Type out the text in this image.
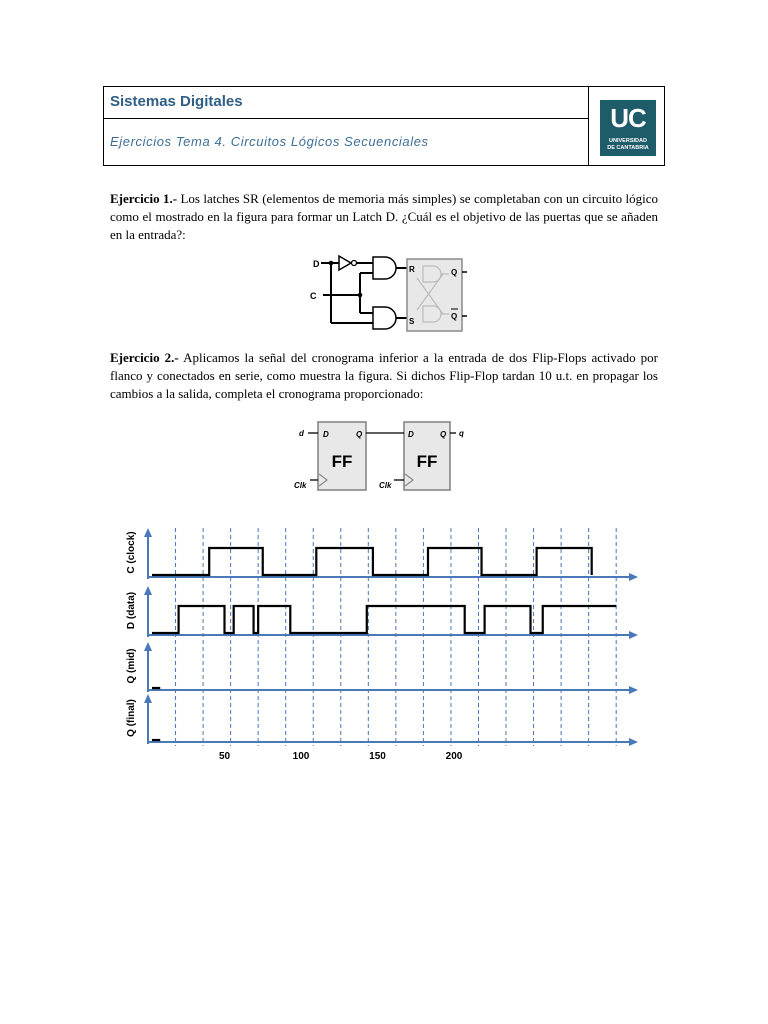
Sistemas Digitales
Ejercicios Tema 4. Circuitos Lógicos Secuenciales
UC
UNIVERSIDAD
DE CANTABRIA
Ejercicio 1.- Los latches SR (elementos de memoria más simples) se completaban con un circuito lógico como el mostrado en la figura para formar un Latch D. ¿Cuál es el objetivo de las puertas que se añaden en la entrada?:
D
C
R
S
Q
Q
Ejercicio 2.- Aplicamos la señal del cronograma inferior a la entrada de dos Flip-Flops activado por flanco y conectados en serie, como muestra la figura. Si dichos Flip-Flop tardan 10 u.t. en propagar los cambios a la salida, completa el cronograma proporcionado:
FF	FF
D	Q	D	Q
d	q
Clk	Clk
C (clock)
D (data)
Q (mid)
Q (final)
50	100	150	200
